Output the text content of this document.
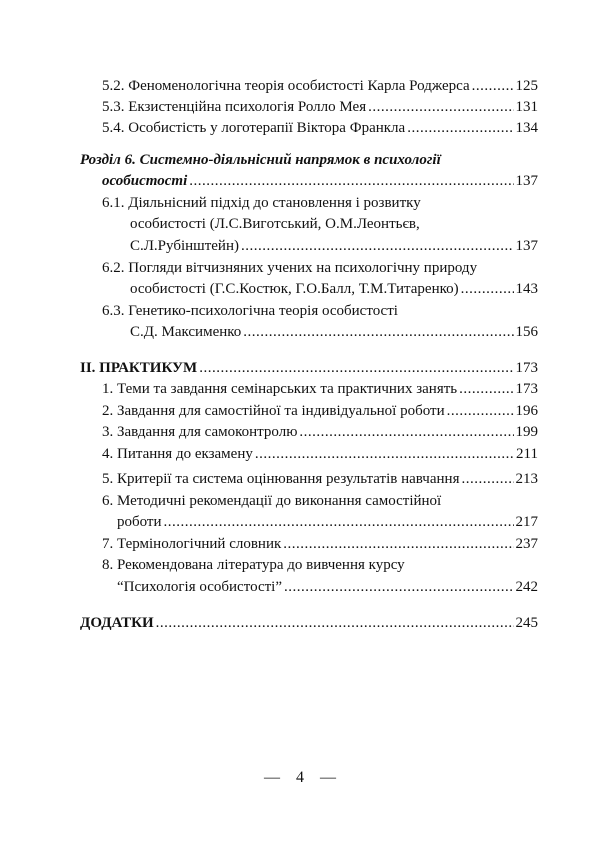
5.2. Феноменологічна теорія особистості Карла Роджерса .....	125
5.3. Екзистенційна психологія Ролло Мея .....	131
5.4. Особистість у логотерапії Віктора Франкла .....	134
Розділ 6. Системно-діяльнісний напрямок в психології
особистості .....	137
6.1. Діяльнісний підхід до становлення і розвитку
особистості (Л.С.Вигoтський, О.М.Леонтьєв,
С.Л.Рубінштейн) .....	137
6.2. Погляди вітчизняних учених на психологічну природу
особистості (Г.С.Костюк, Г.О.Балл, Т.М.Титаренко) .....	143
6.3. Генетико-психологічна теорія особистості
С.Д. Максименко .....	156
ІІ. ПРАКТИКУМ .....	173
1. Теми та завдання семінарських та практичних занять .....	173
2. Завдання для самостійної та індивідуальної роботи .....	196
3. Завдання для самоконтролю .....	199
4. Питання до екзамену .....	211
5. Критерії та система оцінювання результатів навчання .....	213
6. Методичні рекомендації до виконання самостійної
роботи .....	217
7. Термінологічний словник .....	237
8. Рекомендована література до вивчення курсу
“Психологія особистості” .....	242
ДОДАТКИ .....	245
— 4 —
